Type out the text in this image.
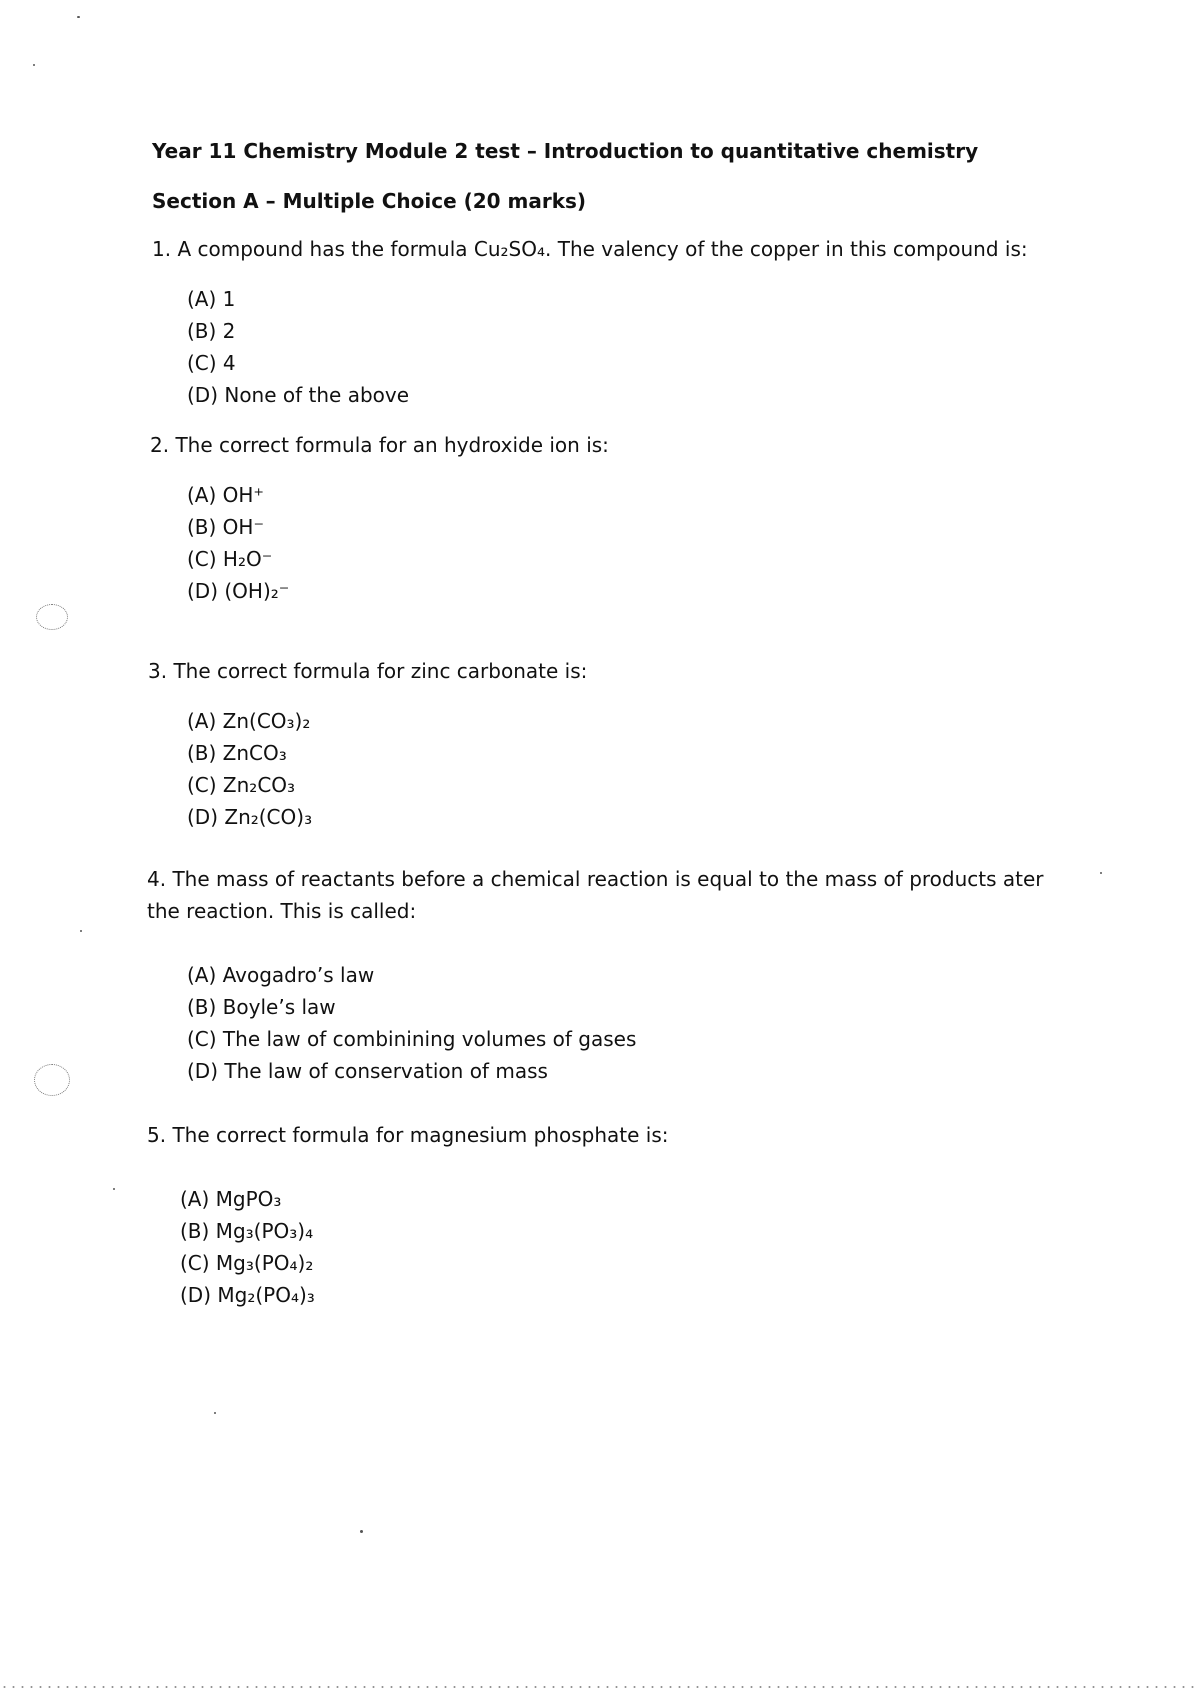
Year 11 Chemistry Module 2 test – Introduction to quantitative chemistry
Section A – Multiple Choice (20 marks)
1. A compound has the formula Cu₂SO₄. The valency of the copper in this compound is:
(A) 1
(B) 2
(C) 4
(D) None of the above
2. The correct formula for an hydroxide ion is:
(A) OH⁺
(B) OH⁻
(C) H₂O⁻
(D) (OH)₂⁻
3. The correct formula for zinc carbonate is:
(A) Zn(CO₃)₂
(B) ZnCO₃
(C) Zn₂CO₃
(D) Zn₂(CO)₃
4. The mass of reactants before a chemical reaction is equal to the mass of products ater
the reaction. This is called:
(A) Avogadro’s law
(B) Boyle’s law
(C) The law of combinining volumes of gases
(D) The law of conservation of mass
5. The correct formula for magnesium phosphate is:
(A) MgPO₃
(B) Mg₃(PO₃)₄
(C) Mg₃(PO₄)₂
(D) Mg₂(PO₄)₃
